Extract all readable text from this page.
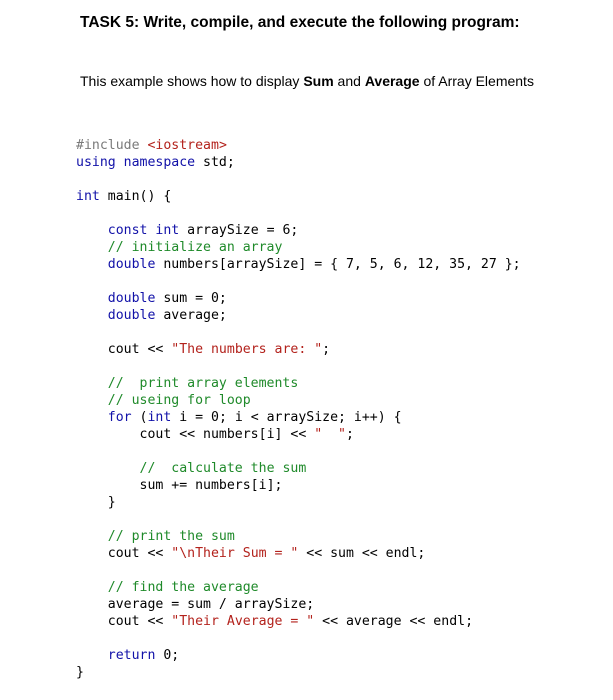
TASK 5: Write, compile, and execute the following program:
This example shows how to display Sum and Average of Array Elements
#include <iostream>
using namespace std;
int main() {
const int arraySize = 6;
// initialize an array
double numbers[arraySize] = { 7, 5, 6, 12, 35, 27 };
double sum = 0;
double average;
cout << "The numbers are: ";
//  print array elements
// useing for loop
for (int i = 0; i < arraySize; i++) {
cout << numbers[i] << "  ";
//  calculate the sum
sum += numbers[i];
}
// print the sum
cout << "\nTheir Sum = " << sum << endl;
// find the average
average = sum / arraySize;
cout << "Their Average = " << average << endl;
return 0;
}
